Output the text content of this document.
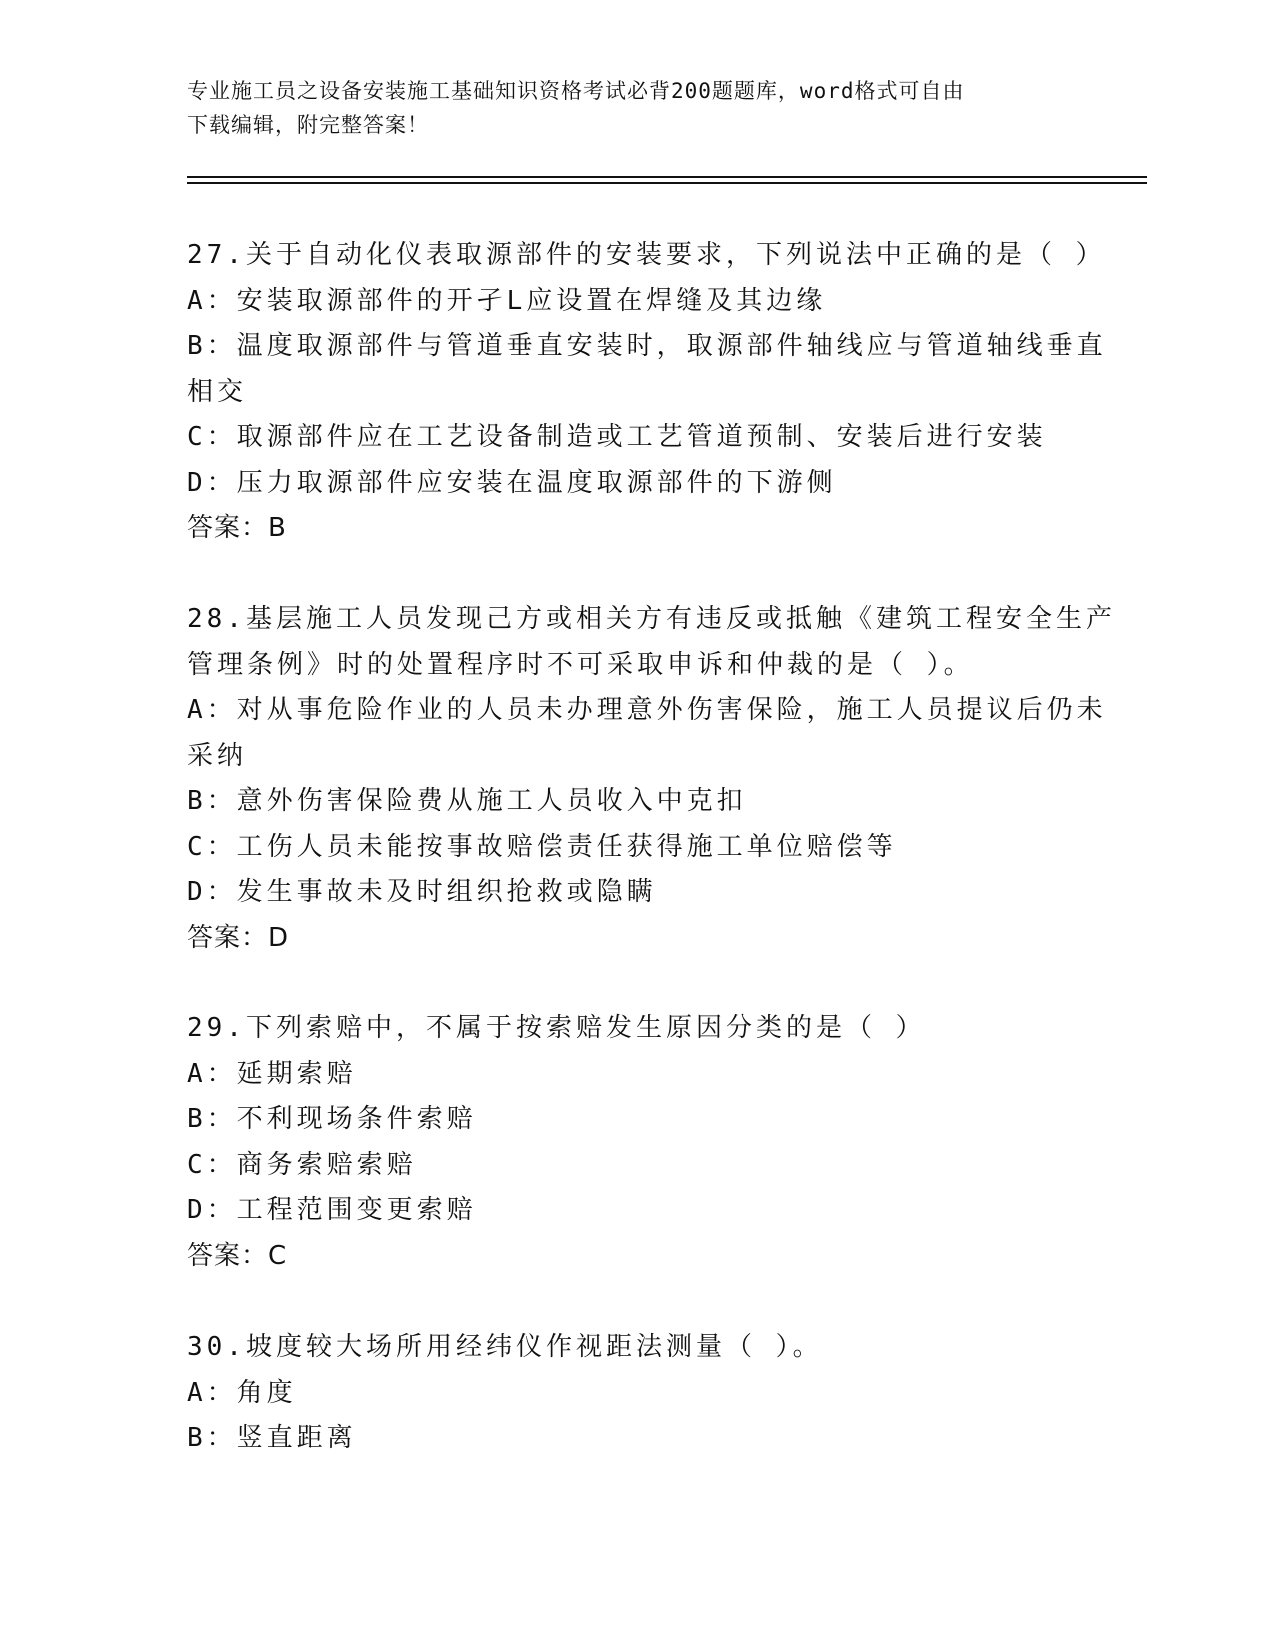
专业施工员之设备安装施工基础知识资格考试必背200题题库，word格式可自由
下载编辑，附完整答案！
27.关于自动化仪表取源部件的安装要求，下列说法中正确的是（ ）
A：安装取源部件的开孑L应设置在焊缝及其边缘
B：温度取源部件与管道垂直安装时，取源部件轴线应与管道轴线垂直
相交
C：取源部件应在工艺设备制造或工艺管道预制、安装后进行安装
D：压力取源部件应安装在温度取源部件的下游侧
答案：B
28.基层施工人员发现己方或相关方有违反或抵触《建筑工程安全生产
管理条例》时的处置程序时不可采取申诉和仲裁的是（ ）。
A：对从事危险作业的人员未办理意外伤害保险，施工人员提议后仍未
采纳
B：意外伤害保险费从施工人员收入中克扣
C：工伤人员未能按事故赔偿责任获得施工单位赔偿等
D：发生事故未及时组织抢救或隐瞒
答案：D
29.下列索赔中，不属于按索赔发生原因分类的是（ ）
A：延期索赔
B：不利现场条件索赔
C：商务索赔索赔
D：工程范围变更索赔
答案：C
30.坡度较大场所用经纬仪作视距法测量（ ）。
A：角度
B：竖直距离
